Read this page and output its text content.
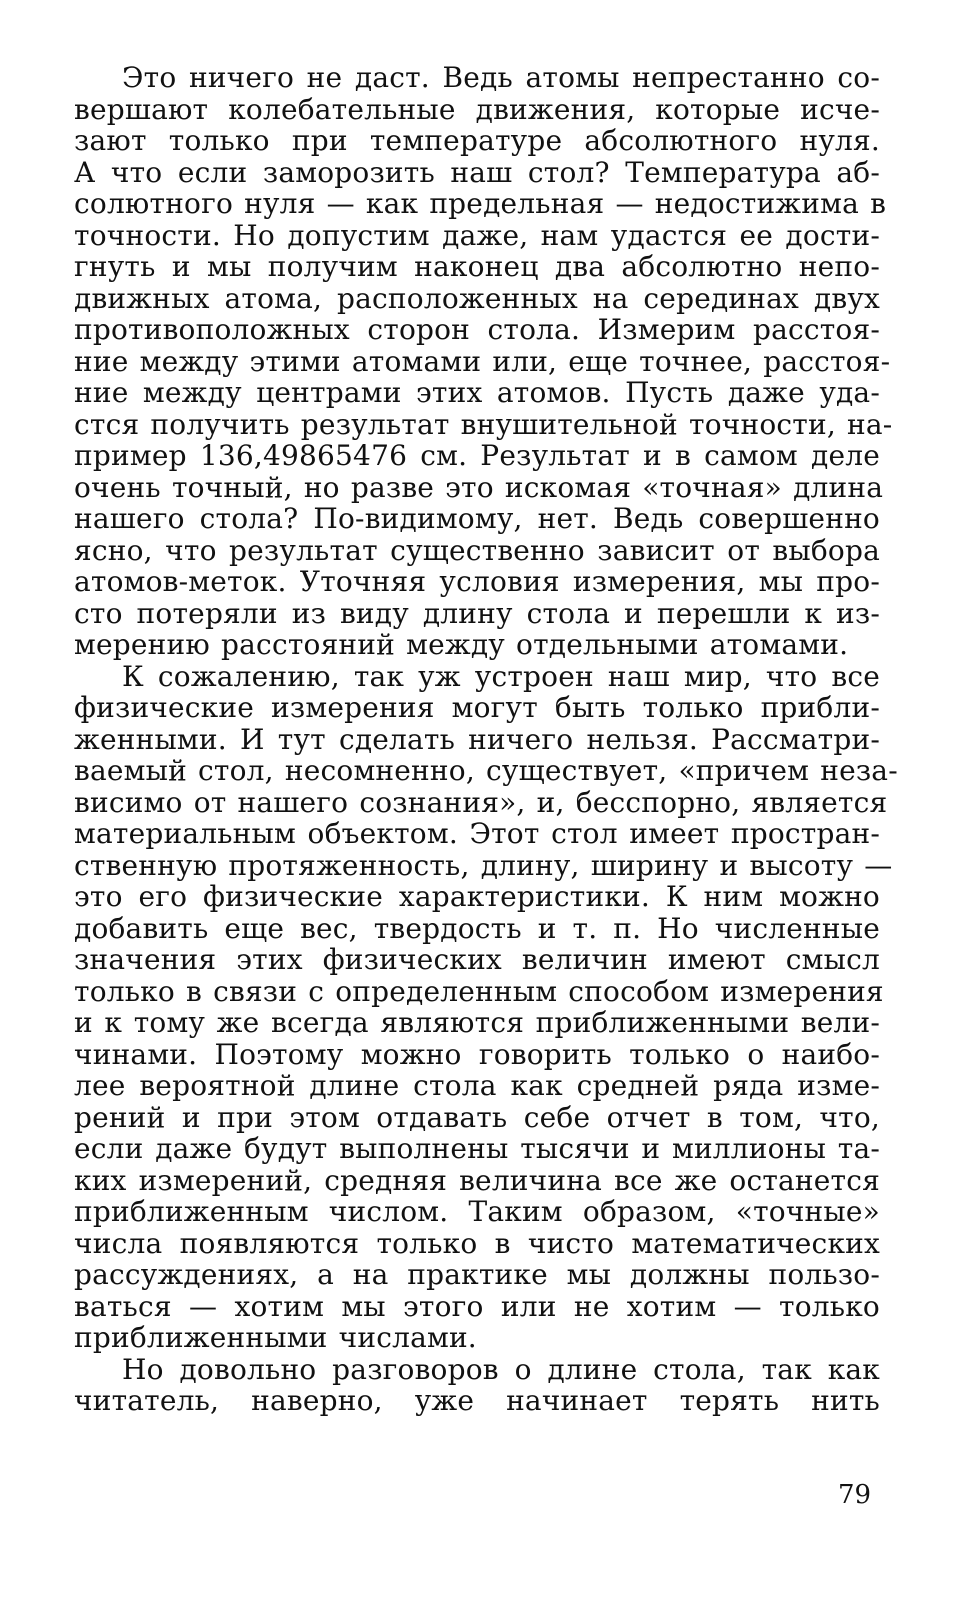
Это ничего не даст. Ведь атомы непрестанно со-
вершают колебательные движения, которые исче-
зают только при температуре абсолютного нуля.
А что если заморозить наш стол? Температура аб-
солютного нуля — как предельная — недостижима в
точности. Но допустим даже, нам удастся ее дости-
гнуть и мы получим наконец два абсолютно непо-
движных атома, расположенных на серединах двух
противоположных сторон стола. Измерим расстоя-
ние между этими атомами или, еще точнее, расстоя-
ние между центрами этих атомов. Пусть даже уда-
стся получить результат внушительной точности, на-
пример 136,49865476 см. Результат и в самом деле
очень точный, но разве это искомая «точная» длина
нашего стола? По-видимому, нет. Ведь совершенно
ясно, что результат существенно зависит от выбора
атомов-меток. Уточняя условия измерения, мы про-
сто потеряли из виду длину стола и перешли к из-
мерению расстояний между отдельными атомами.
К сожалению, так уж устроен наш мир, что все
физические измерения могут быть только прибли-
женными. И тут сделать ничего нельзя. Рассматри-
ваемый стол, несомненно, существует, «причем неза-
висимо от нашего сознания», и, бесспорно, является
материальным объектом. Этот стол имеет простран-
ственную протяженность, длину, ширину и высоту —
это его физические характеристики. К ним можно
добавить еще вес, твердость и т. п. Но численные
значения этих физических величин имеют смысл
только в связи с определенным способом измерения
и к тому же всегда являются приближенными вели-
чинами. Поэтому можно говорить только о наибо-
лее вероятной длине стола как средней ряда изме-
рений и при этом отдавать себе отчет в том, что,
если даже будут выполнены тысячи и миллионы та-
ких измерений, средняя величина все же останется
приближенным числом. Таким образом, «точные»
числа появляются только в чисто математических
рассуждениях, а на практике мы должны пользо-
ваться — хотим мы этого или не хотим — только
приближенными числами.
Но довольно разговоров о длине стола, так как
читатель, наверно, уже начинает терять нить
79
